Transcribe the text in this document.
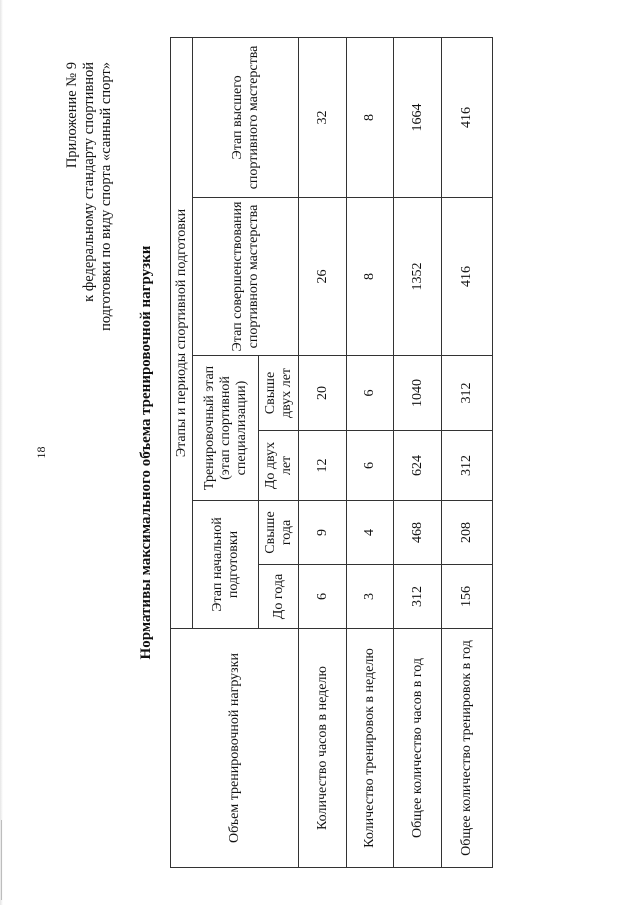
18
Приложение № 9 к федеральному стандарту спортивной подготовки по виду спорта «санный спорт»
Нормативы максимального объема тренировочной нагрузки
Объем тренировочной нагрузки	Этапы и периоды спортивной подготовки					
	Этап начальной подготовки		Тренировочный этап (этап спортивной специализации)		Этап совершенствования спортивного мастерства	Этап высшего спортивного мастерства
	До года	Свыше года	До двух лет	Свыше двух лет		
Количество часов в неделю	6	9	12	20	26	32
Количество тренировок в неделю	3	4	6	6	8	8
Общее количество часов в год	312	468	624	1040	1352	1664
Общее количество тренировок в год	156	208	312	312	416	416
